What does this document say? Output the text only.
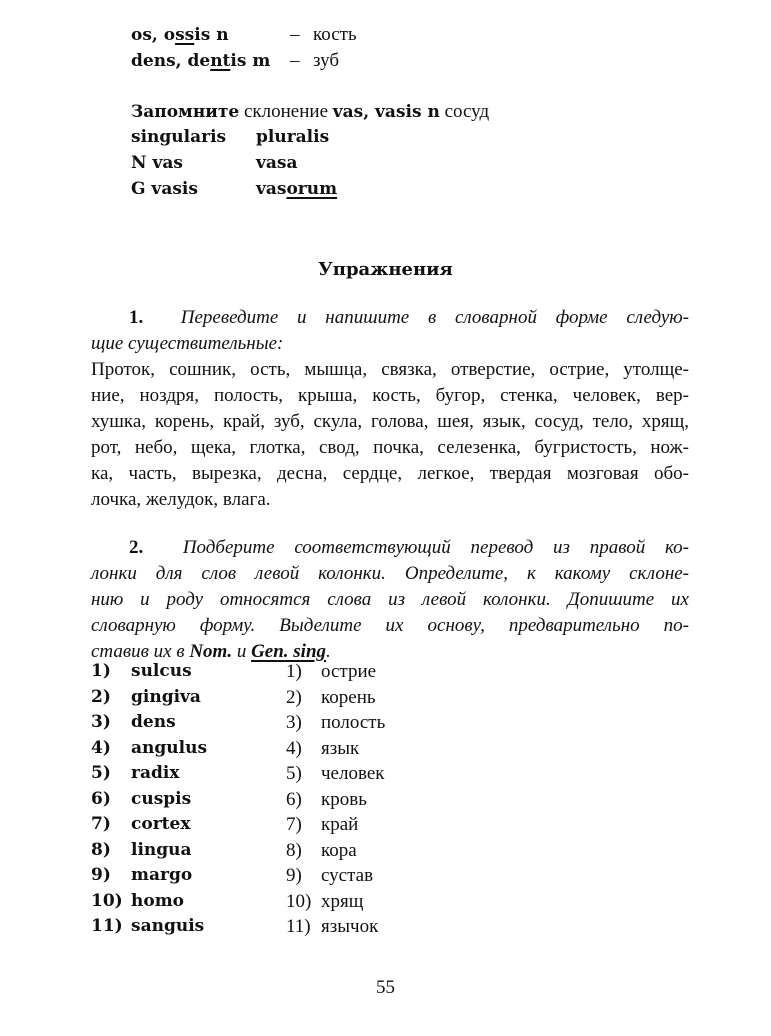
os, ossis n	– кость
dens, dentis m – зуб
Запомните склонение vas, vasis n сосуд
singularis pluralis
N vas	vasa
G vasis	vasorum
Упражнения
1. Переведите и напишите в словарной форме следую-
щие существительные:
Проток, сошник, ость, мышца, связка, отверстие, острие, утолще-
ние, ноздря, полость, крыша, кость, бугор, стенка, человек, вер-
хушка, корень, край, зуб, скула, голова, шея, язык, сосуд, тело, хрящ,
рот, небо, щека, глотка, свод, почка, селезенка, бугристость, нож-
ка, часть, вырезка, десна, сердце, легкое, твердая мозговая обо-
лочка, желудок, влага.
2. Подберите соответствующий перевод из правой ко-
лонки для слов левой колонки. Определите, к какому склоне-
нию и роду относятся слова из левой колонки. Допишите их
словарную форму. Выделите их основу, предварительно по-
ставив их в Nom. и Gen. sing.
1) sulcus	1) острие
2) gingiva	2) корень
3) dens	3) полость
4) angulus	4) язык
5) radix	5) человек
6) cuspis	6) кровь
7) cortex	7) край
8) lingua	8) кора
9) margo	9) сустав
10) homo	10) хрящ
11) sanguis	11) язычок
55
